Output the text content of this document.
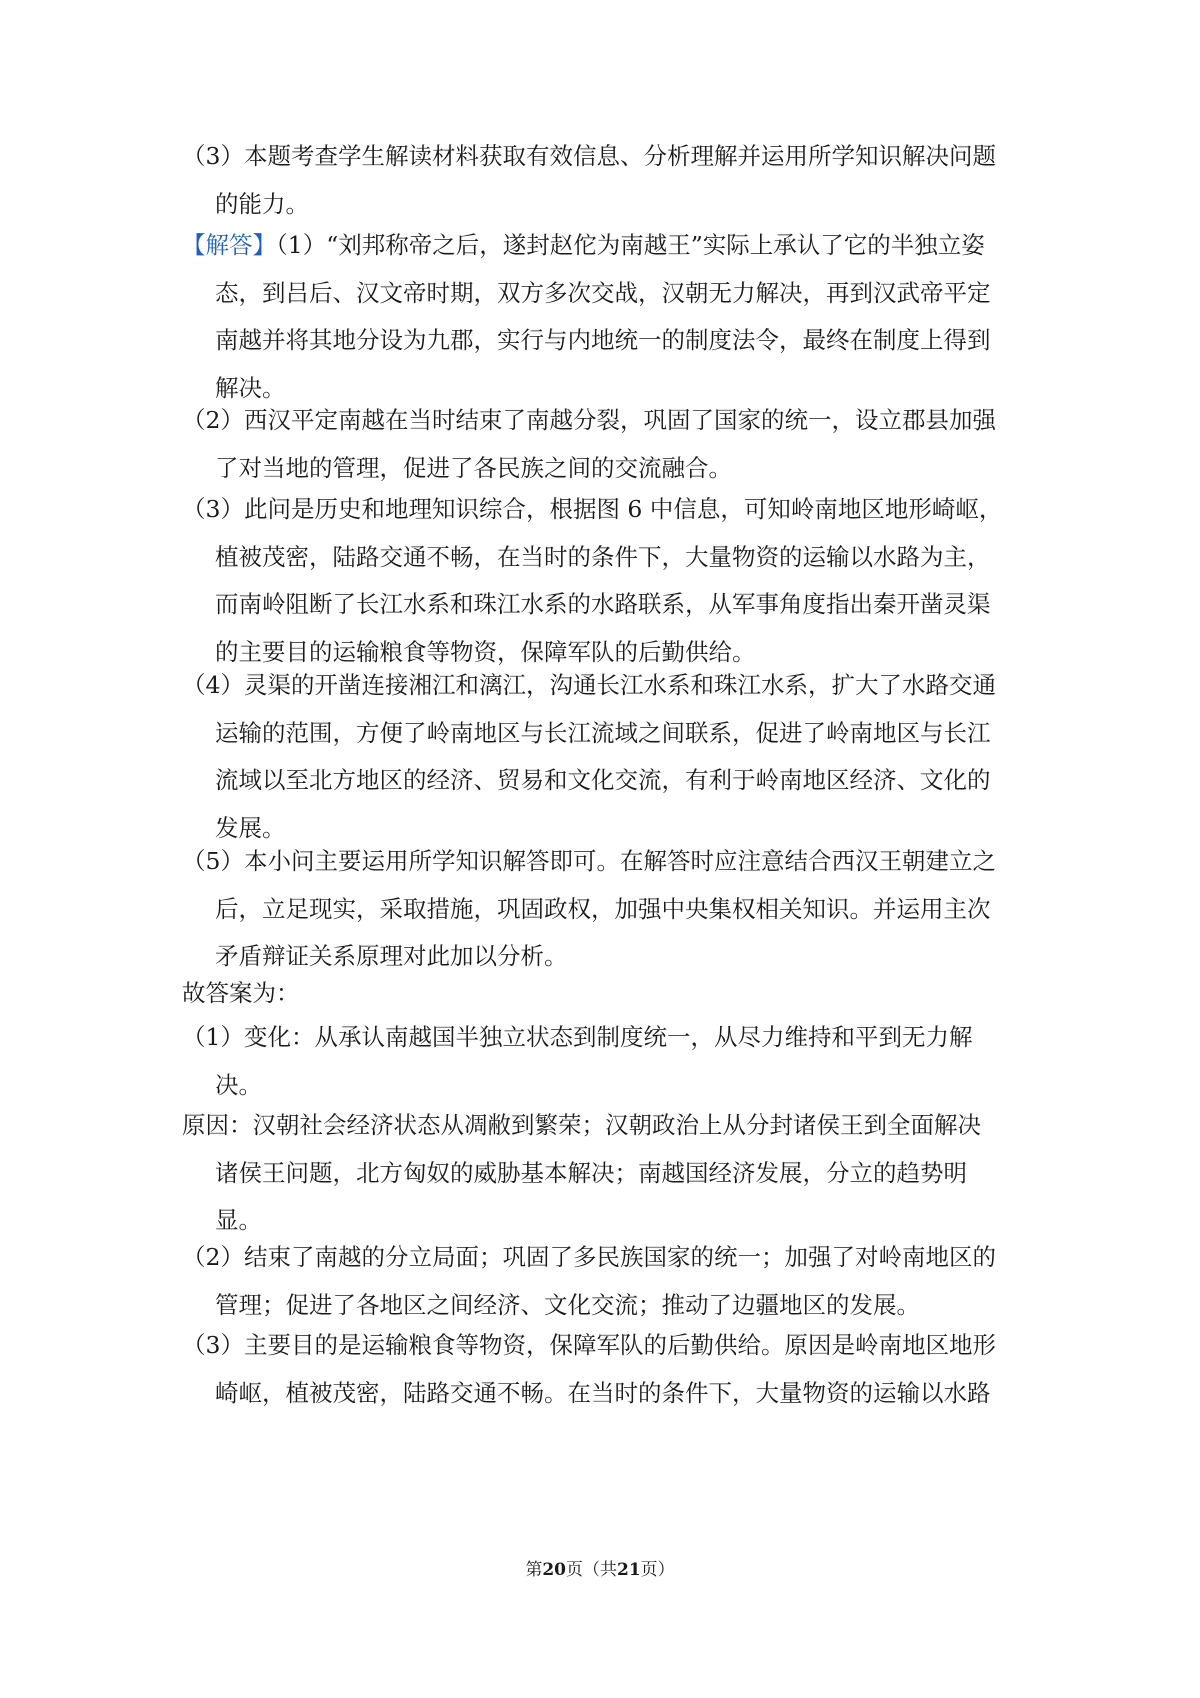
（3）本题考查学生解读材料获取有效信息、分析理解并运用所学知识解决问题
的能力。
【解答】（1）“刘邦称帝之后，遂封赵佗为南越王”实际上承认了它的半独立姿
态，到吕后、汉文帝时期，双方多次交战，汉朝无力解决，再到汉武帝平定
南越并将其地分设为九郡，实行与内地统一的制度法令，最终在制度上得到
解决。
（2）西汉平定南越在当时结束了南越分裂，巩固了国家的统一，设立郡县加强
了对当地的管理，促进了各民族之间的交流融合。
（3）此问是历史和地理知识综合，根据图 6 中信息，可知岭南地区地形崎岖，
植被茂密，陆路交通不畅，在当时的条件下，大量物资的运输以水路为主，
而南岭阻断了长江水系和珠江水系的水路联系，从军事角度指出秦开凿灵渠
的主要目的运输粮食等物资，保障军队的后勤供给。
（4）灵渠的开凿连接湘江和漓江，沟通长江水系和珠江水系，扩大了水路交通
运输的范围，方便了岭南地区与长江流域之间联系，促进了岭南地区与长江
流域以至北方地区的经济、贸易和文化交流，有利于岭南地区经济、文化的
发展。
（5）本小问主要运用所学知识解答即可。在解答时应注意结合西汉王朝建立之
后，立足现实，采取措施，巩固政权，加强中央集权相关知识。并运用主次
矛盾辩证关系原理对此加以分析。
故答案为：
（1）变化：从承认南越国半独立状态到制度统一，从尽力维持和平到无力解
决。
原因：汉朝社会经济状态从凋敝到繁荣；汉朝政治上从分封诸侯王到全面解决
诸侯王问题，北方匈奴的威胁基本解决；南越国经济发展，分立的趋势明
显。
（2）结束了南越的分立局面；巩固了多民族国家的统一；加强了对岭南地区的
管理；促进了各地区之间经济、文化交流；推动了边疆地区的发展。
（3）主要目的是运输粮食等物资，保障军队的后勤供给。原因是岭南地区地形
崎岖，植被茂密，陆路交通不畅。在当时的条件下，大量物资的运输以水路
第20页（共21页）
